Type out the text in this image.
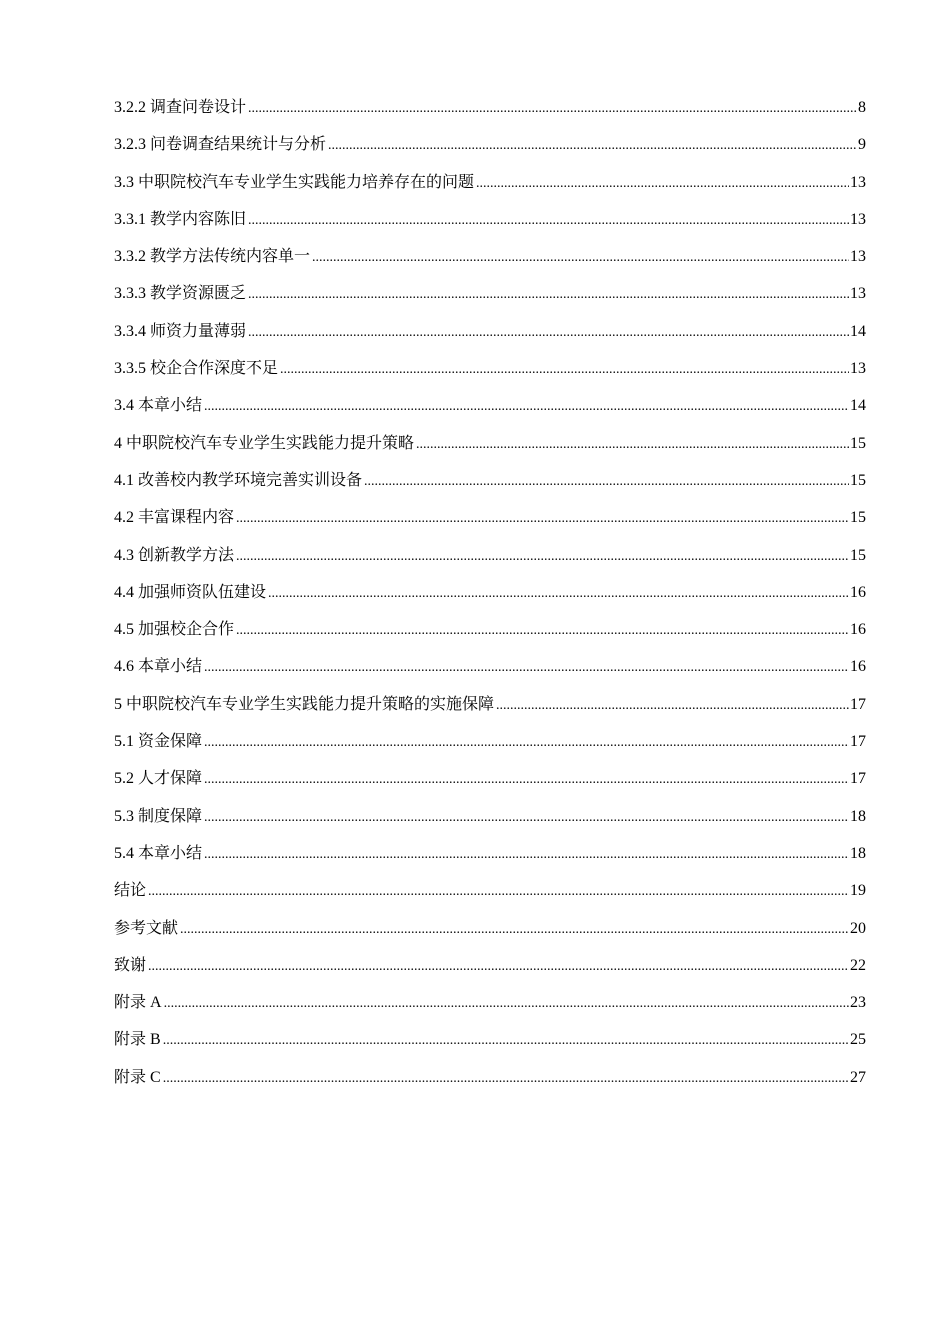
3.2.2 调查问卷设计 .....	8
3.2.3 问卷调查结果统计与分析 .....	9
3.3 中职院校汽车专业学生实践能力培养存在的问题 .....	13
3.3.1 教学内容陈旧 .....	13
3.3.2 教学方法传统内容单一 .....	13
3.3.3 教学资源匮乏 .....	13
3.3.4 师资力量薄弱 .....	14
3.3.5 校企合作深度不足 .....	13
3.4 本章小结 .....	14
4 中职院校汽车专业学生实践能力提升策略 .....	15
4.1 改善校内教学环境完善实训设备 .....	15
4.2 丰富课程内容 .....	15
4.3 创新教学方法 .....	15
4.4 加强师资队伍建设 .....	16
4.5 加强校企合作 .....	16
4.6 本章小结 .....	16
5 中职院校汽车专业学生实践能力提升策略的实施保障 .....	17
5.1 资金保障 .....	17
5.2 人才保障 .....	17
5.3 制度保障 .....	18
5.4 本章小结 .....	18
结论 .....	19
参考文献 .....	20
致谢 .....	22
附录 A .....	23
附录 B .....	25
附录 C .....	27
